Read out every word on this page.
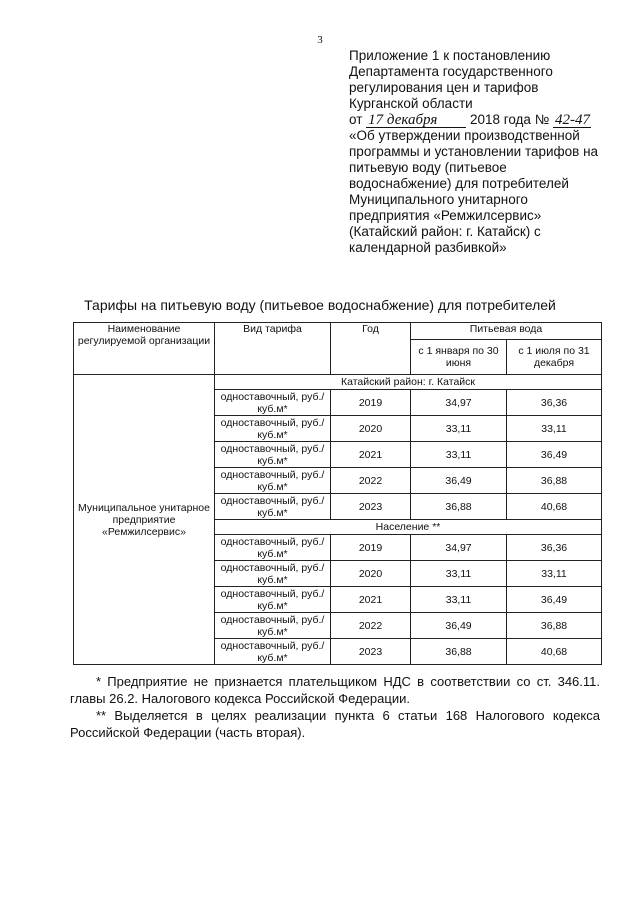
3
Приложение 1 к постановлению
Департамента государственного
регулирования цен и тарифов
Курганской области
от 17 декабря 2018 года № 42-47
«Об утверждении производственной
программы и установлении тарифов на
питьевую воду (питьевое
водоснабжение) для потребителей
Муниципального унитарного
предприятия «Ремжилсервис»
(Катайский район: г. Катайск) с
календарной разбивкой»
Тарифы на питьевую воду (питьевое водоснабжение) для потребителей
Наименование регулируемой организации	Вид тарифа	Год	Питьевая вода	
			с 1 января по 30 июня	с 1 июля по 31 декабря
Муниципальное унитарное предприятие «Ремжилсервис»	Катайский район: г. Катайск			
	одноставочный, руб./куб.м*	2019	34,97	36,36
	одноставочный, руб./куб.м*	2020	33,11	33,11
	одноставочный, руб./куб.м*	2021	33,11	36,49
	одноставочный, руб./куб.м*	2022	36,49	36,88
	одноставочный, руб./куб.м*	2023	36,88	40,68
	Население **			
	одноставочный, руб./куб.м*	2019	34,97	36,36
	одноставочный, руб./куб.м*	2020	33,11	33,11
	одноставочный, руб./куб.м*	2021	33,11	36,49
	одноставочный, руб./куб.м*	2022	36,49	36,88
	одноставочный, руб./куб.м*	2023	36,88	40,68

* Предприятие не признается плательщиком НДС в соответствии со ст. 346.11. главы 26.2. Налогового кодекса Российской Федерации.

** Выделяется в целях реализации пункта 6 статьи 168 Налогового кодекса Российской Федерации (часть вторая).
